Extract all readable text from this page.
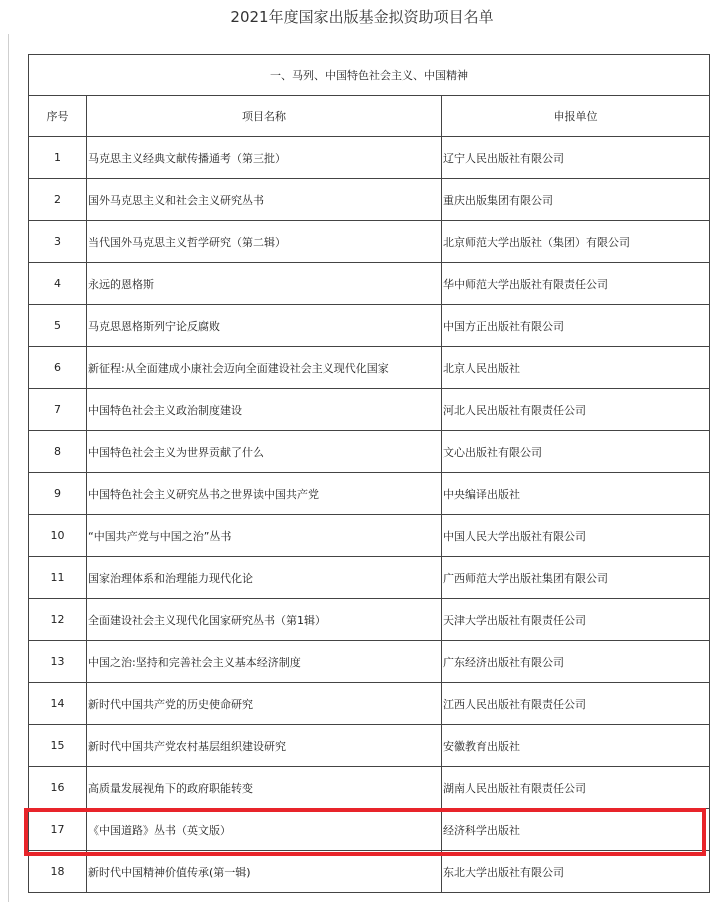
2021年度国家出版基金拟资助项目名单
一、马列、中国特色社会主义、中国精神		
序号	项目名称	申报单位
1	马克思主义经典文献传播通考（第三批）	辽宁人民出版社有限公司
2	国外马克思主义和社会主义研究丛书	重庆出版集团有限公司
3	当代国外马克思主义哲学研究（第二辑）	北京师范大学出版社（集团）有限公司
4	永远的恩格斯	华中师范大学出版社有限责任公司
5	马克思恩格斯列宁论反腐败	中国方正出版社有限公司
6	新征程:从全面建成小康社会迈向全面建设社会主义现代化国家	北京人民出版社
7	中国特色社会主义政治制度建设	河北人民出版社有限责任公司
8	中国特色社会主义为世界贡献了什么	文心出版社有限公司
9	中国特色社会主义研究丛书之世界读中国共产党	中央编译出版社
10	“中国共产党与中国之治”丛书	中国人民大学出版社有限公司
11	国家治理体系和治理能力现代化论	广西师范大学出版社集团有限公司
12	全面建设社会主义现代化国家研究丛书（第1辑）	天津大学出版社有限责任公司
13	中国之治:坚持和完善社会主义基本经济制度	广东经济出版社有限公司
14	新时代中国共产党的历史使命研究	江西人民出版社有限责任公司
15	新时代中国共产党农村基层组织建设研究	安徽教育出版社
16	高质量发展视角下的政府职能转变	湖南人民出版社有限责任公司
17	《中国道路》丛书（英文版）	经济科学出版社
18	新时代中国精神价值传承(第一辑)	东北大学出版社有限公司
